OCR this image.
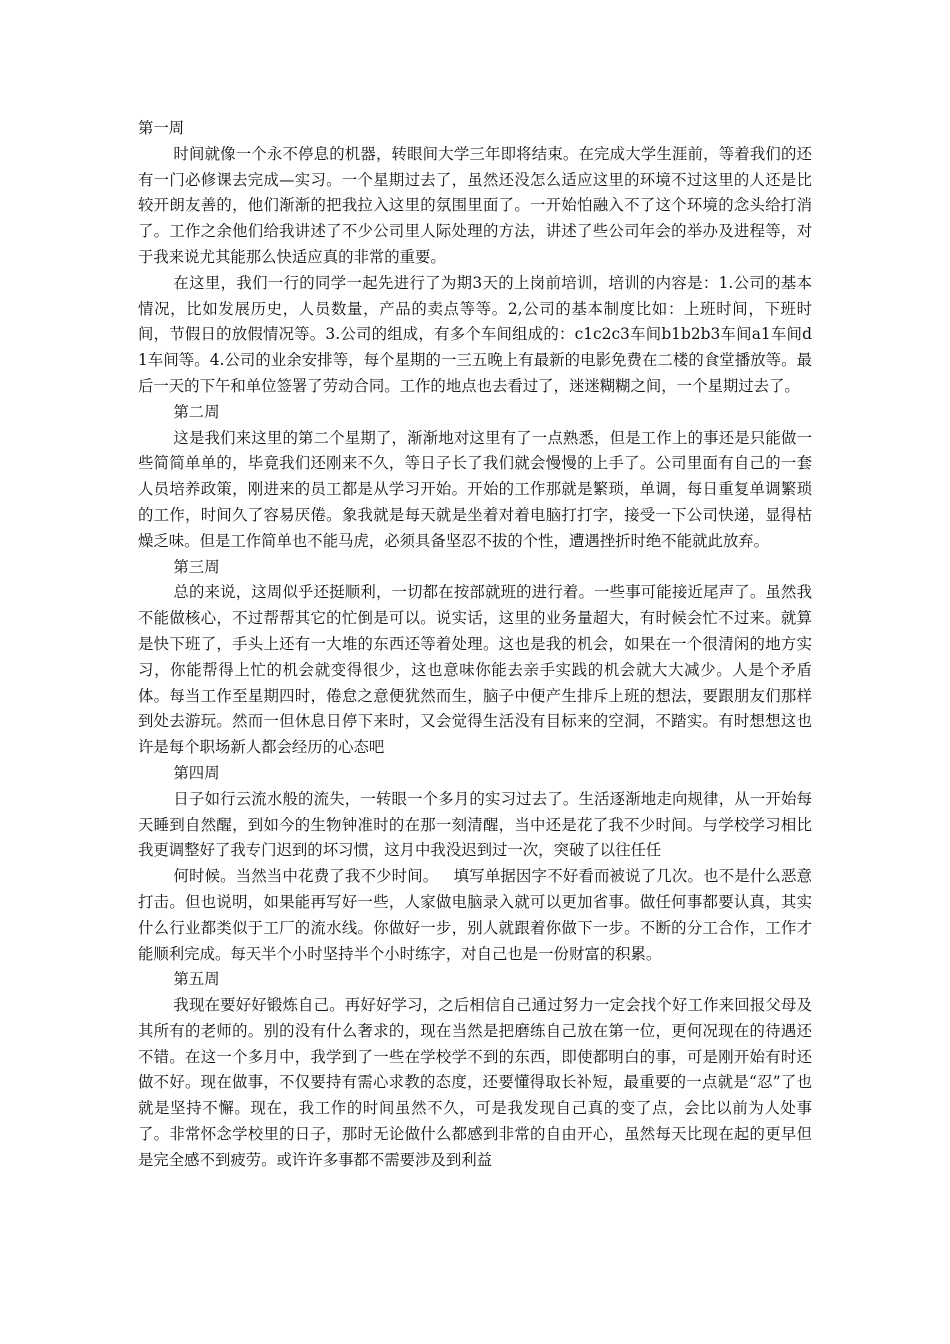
第一周

时间就像一个永不停息的机器，转眼间大学三年即将结束。在完成大学生涯前，等着我们的还有一门必修课去完成—实习。一个星期过去了，虽然还没怎么适应这里的环境不过这里的人还是比较开朗友善的，他们渐渐的把我拉入这里的氛围里面了。一开始怕融入不了这个环境的念头给打消了。工作之余他们给我讲述了不少公司里人际处理的方法，讲述了些公司年会的举办及进程等，对于我来说尤其能那么快适应真的非常的重要。

在这里，我们一行的同学一起先进行了为期3天的上岗前培训，培训的内容是：1.公司的基本情况，比如发展历史，人员数量，产品的卖点等等。2,公司的基本制度比如：上班时间，下班时间，节假日的放假情况等。3.公司的组成，有多个车间组成的：c1c2c3车间b1b2b3车间a1车间d1车间等。4.公司的业余安排等，每个星期的一三五晚上有最新的电影免费在二楼的食堂播放等。最后一天的下午和单位签署了劳动合同。工作的地点也去看过了，迷迷糊糊之间，一个星期过去了。

第二周

这是我们来这里的第二个星期了，渐渐地对这里有了一点熟悉，但是工作上的事还是只能做一些简简单单的，毕竟我们还刚来不久，等日子长了我们就会慢慢的上手了。公司里面有自己的一套人员培养政策，刚进来的员工都是从学习开始。开始的工作那就是繁琐，单调，每日重复单调繁琐的工作，时间久了容易厌倦。象我就是每天就是坐着对着电脑打打字，接受一下公司快递，显得枯燥乏味。但是工作简单也不能马虎，必须具备坚忍不拔的个性，遭遇挫折时绝不能就此放弃。

第三周

总的来说，这周似乎还挺顺利，一切都在按部就班的进行着。一些事可能接近尾声了。虽然我不能做核心，不过帮帮其它的忙倒是可以。说实话，这里的业务量超大，有时候会忙不过来。就算是快下班了，手头上还有一大堆的东西还等着处理。这也是我的机会，如果在一个很清闲的地方实习，你能帮得上忙的机会就变得很少，这也意味你能去亲手实践的机会就大大减少。人是个矛盾体。每当工作至星期四时，倦怠之意便犹然而生，脑子中便产生排斥上班的想法，要跟朋友们那样到处去游玩。然而一但休息日停下来时，又会觉得生活没有目标来的空洞，不踏实。有时想想这也许是每个职场新人都会经历的心态吧

第四周

日子如行云流水般的流失，一转眼一个多月的实习过去了。生活逐渐地走向规律，从一开始每天睡到自然醒，到如今的生物钟准时的在那一刻清醒，当中还是花了我不少时间。与学校学习相比我更调整好了我专门迟到的坏习惯，这月中我没迟到过一次，突破了以往任任

何时候。当然当中花费了我不少时间。 填写单据因字不好看而被说了几次。也不是什么恶意打击。但也说明，如果能再写好一些，人家做电脑录入就可以更加省事。做任何事都要认真，其实什么行业都类似于工厂的流水线。你做好一步，别人就跟着你做下一步。不断的分工合作，工作才能顺利完成。每天半个小时坚持半个小时练字，对自己也是一份财富的积累。

第五周

我现在要好好锻炼自己。再好好学习，之后相信自己通过努力一定会找个好工作来回报父母及其所有的老师的。别的没有什么奢求的，现在当然是把磨练自己放在第一位，更何况现在的待遇还不错。在这一个多月中，我学到了一些在学校学不到的东西，即使都明白的事，可是刚开始有时还做不好。现在做事，不仅要持有需心求教的态度，还要懂得取长补短，最重要的一点就是“忍”了也就是坚持不懈。现在，我工作的时间虽然不久，可是我发现自己真的变了点，会比以前为人处事了。非常怀念学校里的日子，那时无论做什么都感到非常的自由开心，虽然每天比现在起的更早但是完全感不到疲劳。或许许多事都不需要涉及到利益
